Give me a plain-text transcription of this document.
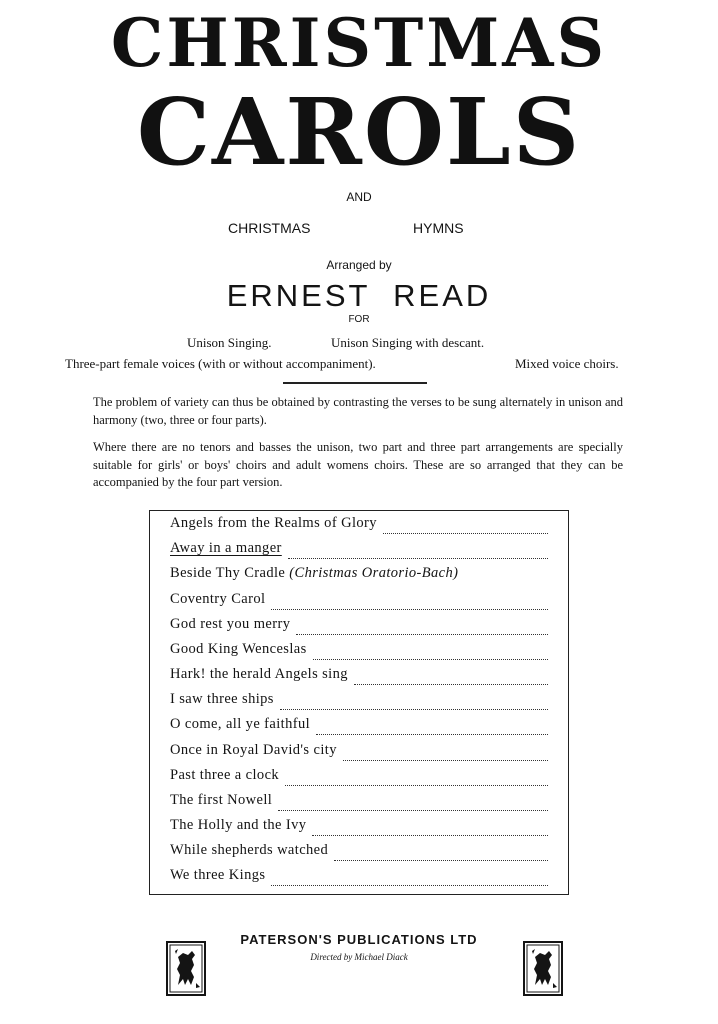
CHRISTMAS
CAROLS
AND
CHRISTMAS	HYMNS
Arranged by
ERNEST  READ
FOR
Unison Singing.	Unison Singing with descant.
Three-part female voices (with or without accompaniment).	Mixed voice choirs.
The problem of variety can thus be obtained by contrasting the verses to be sung alternately in unison and harmony (two, three or four parts).
Where there are no tenors and basses the unison, two part and three part arrangements are specially suitable for girls' or boys' choirs and adult womens choirs. These are so arranged that they can be accompanied by the four part version.
Angels from the Realms of Glory
Away in a manger
Beside Thy Cradle (Christmas Oratorio-Bach)
Coventry Carol
God rest you merry
Good King Wenceslas
Hark! the herald Angels sing
I saw three ships
O come, all ye faithful
Once in Royal David's city
Past three a clock
The first Nowell
The Holly and the Ivy
While shepherds watched
We three Kings
PATERSON'S PUBLICATIONS LTD
Directed by Michael Diack
